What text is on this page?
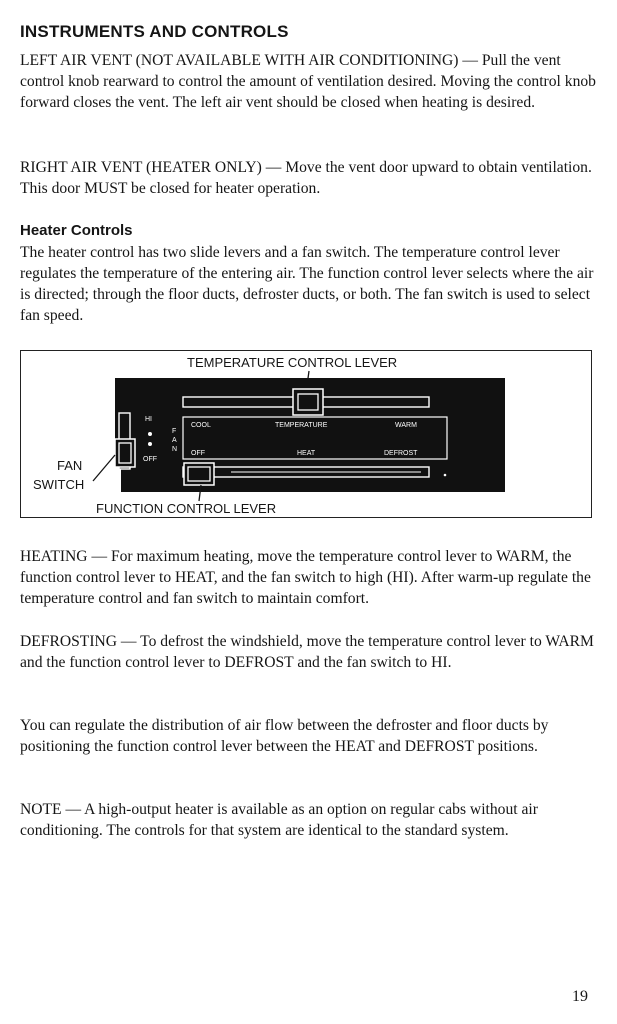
INSTRUMENTS AND CONTROLS

LEFT AIR VENT (NOT AVAILABLE WITH AIR CONDITIONING) — Pull the vent control knob rearward to control the amount of ventilation desired. Moving the control knob forward closes the vent. The left air vent should be closed when heating is desired.

RIGHT AIR VENT (HEATER ONLY) — Move the vent door upward to obtain ventilation. This door MUST be closed for heater operation.

Heater Controls

The heater control has two slide levers and a fan switch. The temperature control lever regulates the temperature of the entering air. The function control lever selects where the air is directed; through the floor ducts, defroster ducts, or both. The fan switch is used to select fan speed.

TEMPERATURE CONTROL LEVER
COOL	TEMPERATURE	WARM
OFF	HEAT	DEFROST
F
A
N
HI
OFF
FAN
SWITCH
FUNCTION CONTROL LEVER

HEATING — For maximum heating, move the temperature control lever to WARM, the function control lever to HEAT, and the fan switch to high (HI). After warm-up regulate the temperature control and fan switch to maintain comfort.

DEFROSTING — To defrost the windshield, move the temperature control lever to WARM and the function control lever to DEFROST and the fan switch to HI.

You can regulate the distribution of air flow between the defroster and floor ducts by positioning the function control lever between the HEAT and DEFROST positions.

NOTE — A high-output heater is available as an option on regular cabs without air conditioning. The controls for that system are identical to the standard system.

19
